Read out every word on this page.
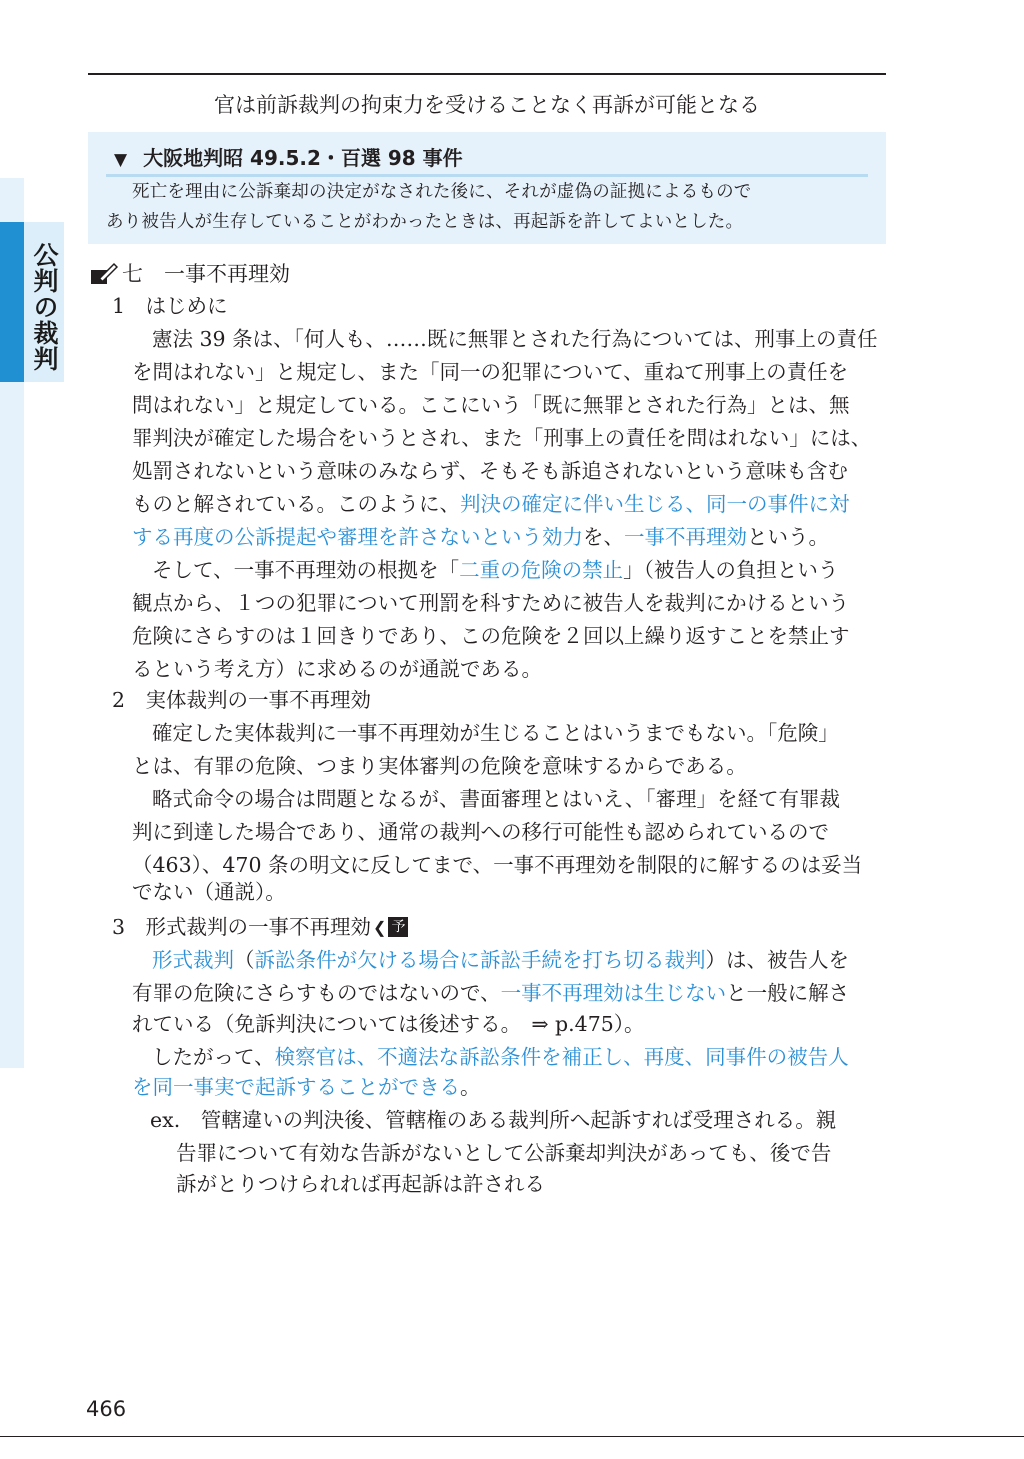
公判の裁判
官は前訴裁判の拘束力を受けることなく再訴が可能となる
▼ 大阪地判昭 49.5.2・百選 98 事件
死亡を理由に公訴棄却の決定がなされた後に、それが虚偽の証拠によるもので
あり被告人が生存していることがわかったときは、再起訴を許してよいとした。
七　一事不再理効
1　はじめに
憲法 39 条は、「何人も、……既に無罪とされた行為については、刑事上の責任
を問はれない」と規定し、また「同一の犯罪について、重ねて刑事上の責任を
問はれない」と規定している。ここにいう「既に無罪とされた行為」とは、無
罪判決が確定した場合をいうとされ、また「刑事上の責任を問はれない」には、
処罰されないという意味のみならず、そもそも訴追されないという意味も含む
ものと解されている。このように、判決の確定に伴い生じる、同一の事件に対
する再度の公訴提起や審理を許さないという効力を、一事不再理効という。
そして、一事不再理効の根拠を「二重の危険の禁止」（被告人の負担という
観点から、１つの犯罪について刑罰を科すために被告人を裁判にかけるという
危険にさらすのは１回きりであり、この危険を２回以上繰り返すことを禁止す
るという考え方）に求めるのが通説である。
2　実体裁判の一事不再理効
確定した実体裁判に一事不再理効が生じることはいうまでもない。「危険」
とは、有罪の危険、つまり実体審判の危険を意味するからである。
略式命令の場合は問題となるが、書面審理とはいえ、「審理」を経て有罪裁
判に到達した場合であり、通常の裁判への移行可能性も認められているので
（463）、470 条の明文に反してまで、一事不再理効を制限的に解するのは妥当
でない（通説）。
3　形式裁判の一事不再理効 ❮ 予
形式裁判（訴訟条件が欠ける場合に訴訟手続を打ち切る裁判）は、被告人を
有罪の危険にさらすものではないので、一事不再理効は生じないと一般に解さ
れている（免訴判決については後述する。　⇒ p.475）。
したがって、検察官は、不適法な訴訟条件を補正し、再度、同事件の被告人
を同一事実で起訴することができる。
ex.　管轄違いの判決後、管轄権のある裁判所へ起訴すれば受理される。親
告罪について有効な告訴がないとして公訴棄却判決があっても、後で告
訴がとりつけられれば再起訴は許される
466
